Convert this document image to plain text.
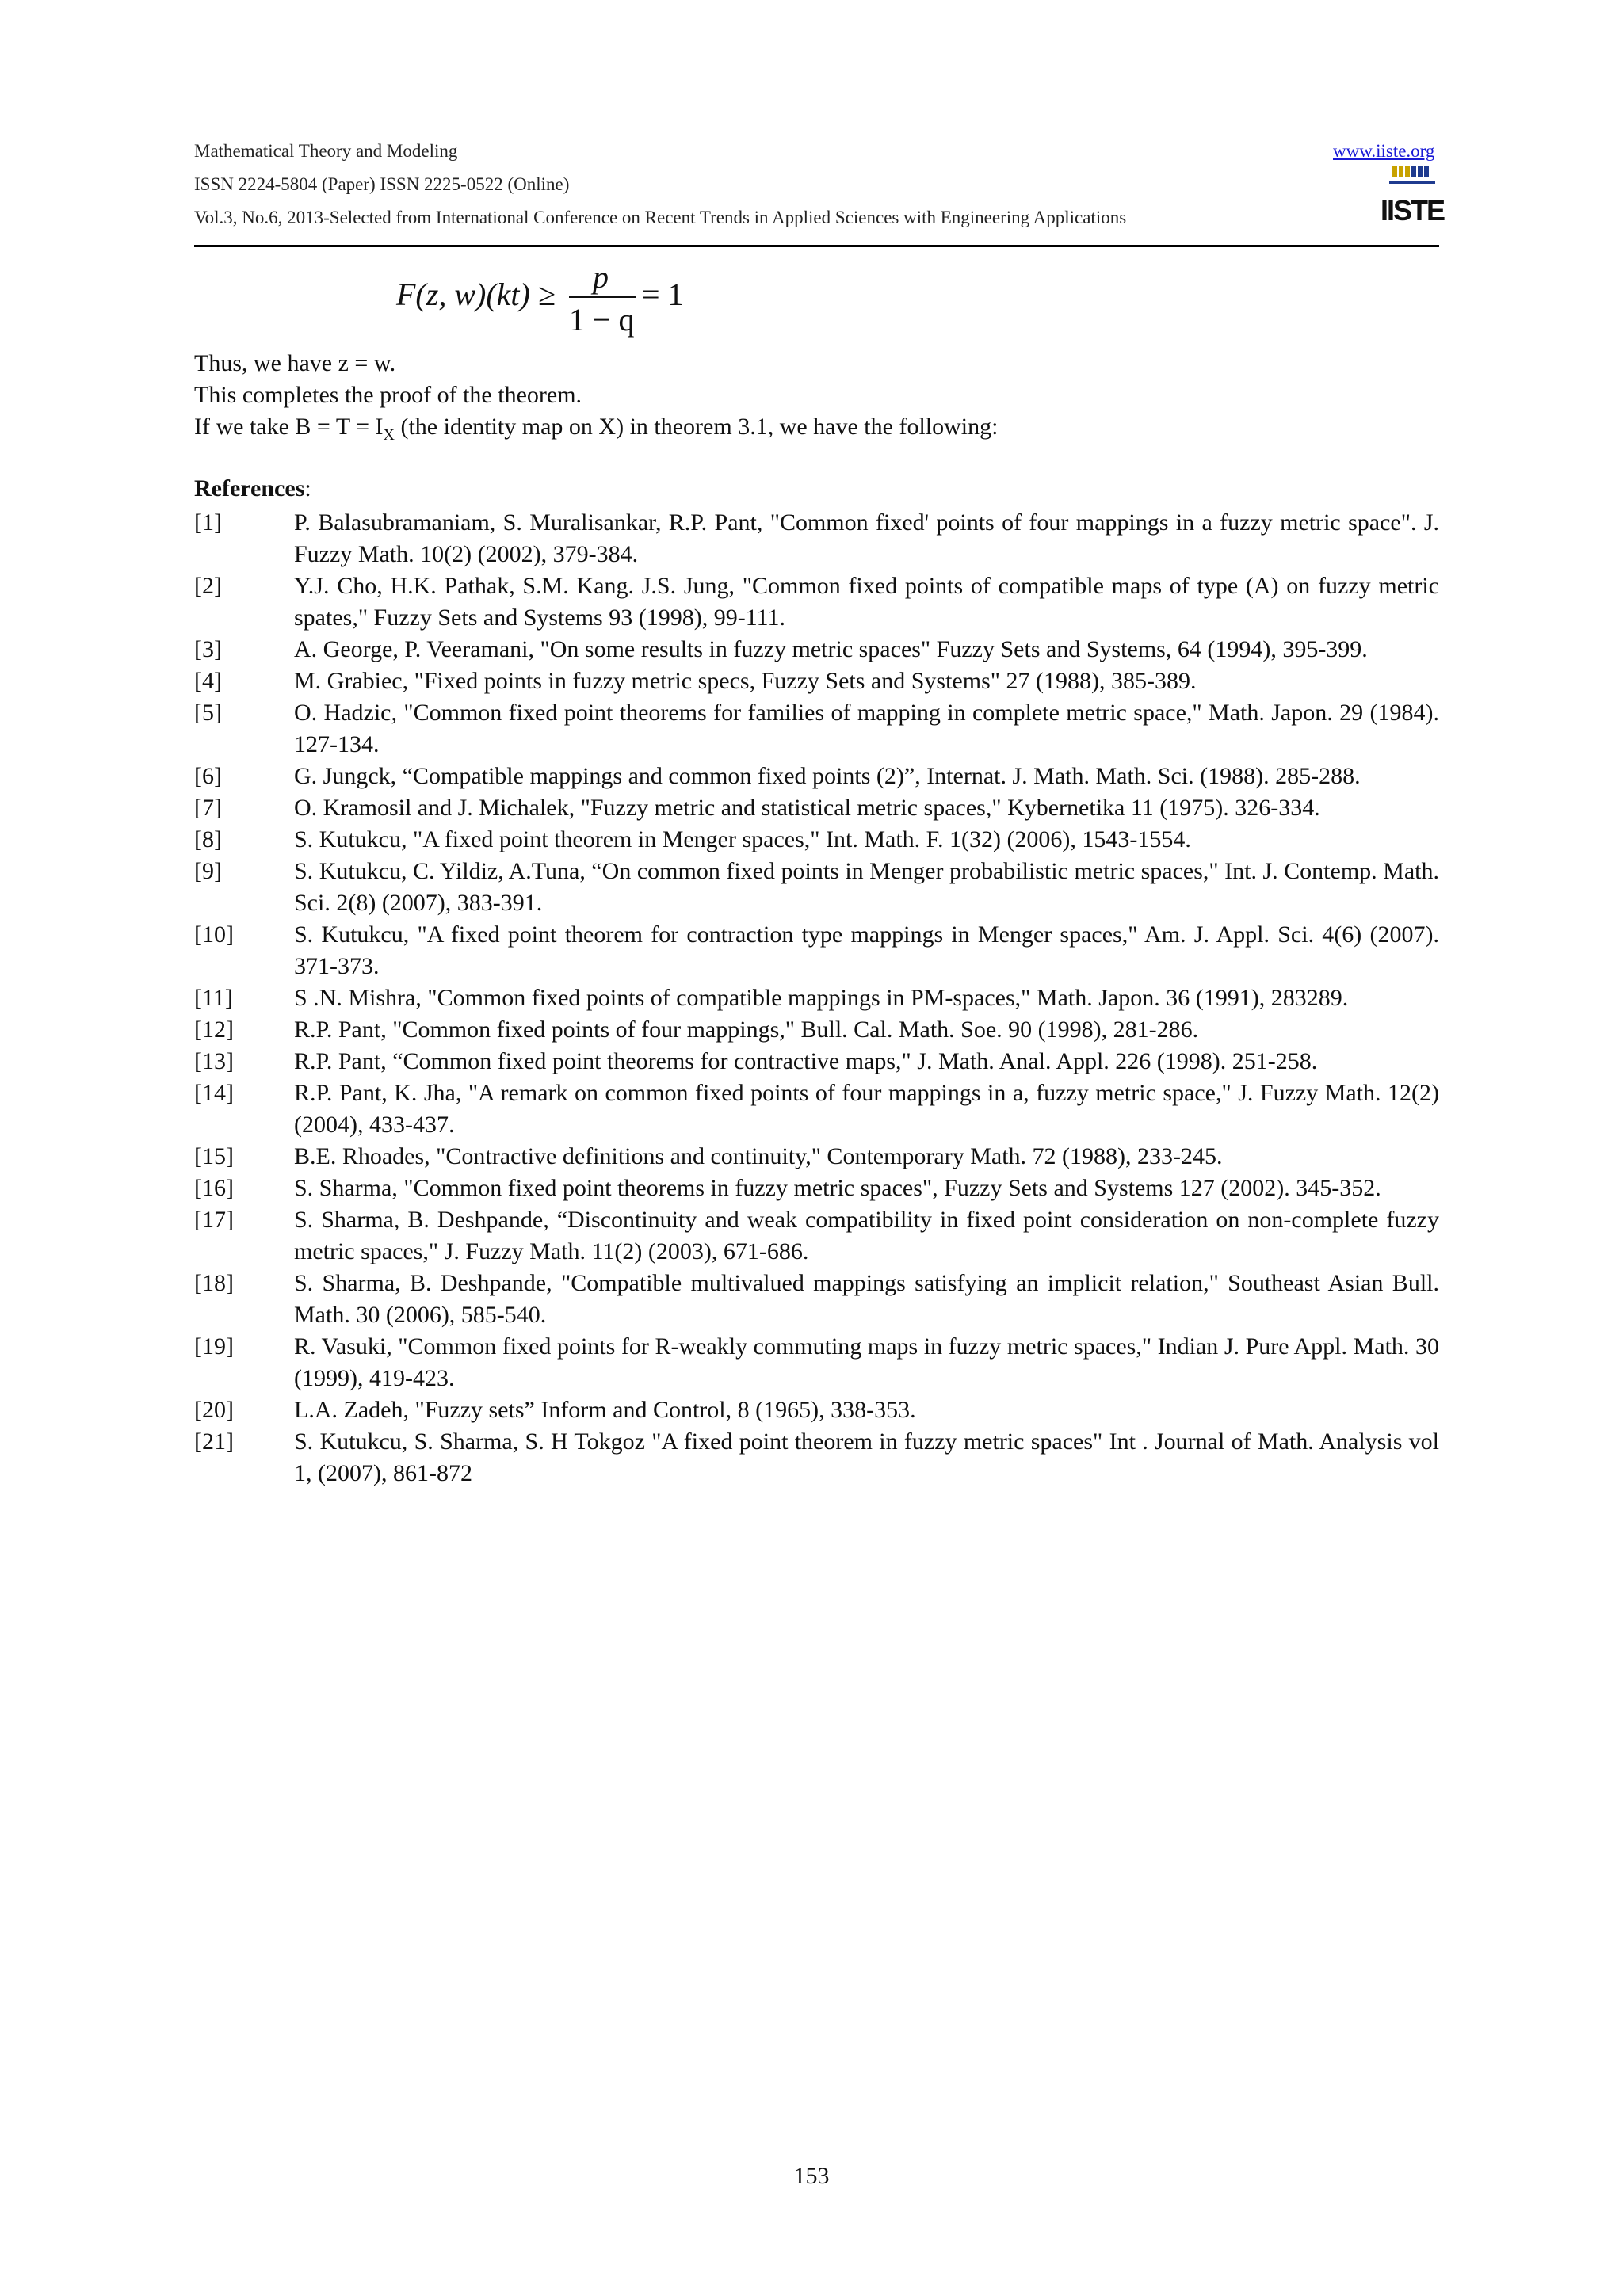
Mathematical Theory and Modeling	www.iiste.org
ISSN 2224-5804 (Paper) ISSN 2225-0522 (Online)
Vol.3, No.6, 2013-Selected from International Conference on Recent Trends in Applied Sciences with Engineering Applications	IISTE
F(z, w)(kt) ≥ p
1 − q
= 1
Thus, we have z = w.
This completes the proof of the theorem.
If we take $B = T = I_X$ (the identity map on X) in theorem 3.1, we have the following:
References:
[1]	P. Balasubramaniam, S. Muralisankar, R.P. Pant, "Common fixed' points of four mappings in a fuzzy metric space". J. Fuzzy Math. 10(2) (2002), 379-384.
[2]	Y.J. Cho, H.K. Pathak, S.M. Kang. J.S. Jung, "Common fixed points of compatible maps of type (A) on fuzzy metric spates," Fuzzy Sets and Systems 93 (1998), 99-111.
[3]	A. George, P. Veeramani, "On some results in fuzzy metric spaces" Fuzzy Sets and Systems, 64 (1994), 395-399.
[4]	M. Grabiec, "Fixed points in fuzzy metric specs, Fuzzy Sets and Systems" 27 (1988), 385-389.
[5]	O. Hadzic, "Common fixed point theorems for families of mapping in complete metric space," Math. Japon. 29 (1984). 127-134.
[6]	G. Jungck, “Compatible mappings and common fixed points (2)”, Internat. J. Math. Math. Sci. (1988). 285-288.
[7]	O. Kramosil and J. Michalek, "Fuzzy metric and statistical metric spaces," Kybernetika 11 (1975). 326-334.
[8]	S. Kutukcu, "A fixed point theorem in Menger spaces," Int. Math. F. 1(32) (2006), 1543-1554.
[9]	S. Kutukcu, C. Yildiz, A.Tuna, “On common fixed points in Menger probabilistic metric spaces," Int. J. Contemp. Math. Sci. 2(8) (2007), 383-391.
[10]	S. Kutukcu, "A fixed point theorem for contraction type mappings in Menger spaces," Am. J. Appl. Sci. 4(6) (2007). 371-373.
[11]	S .N. Mishra, "Common fixed points of compatible mappings in PM-spaces," Math. Japon. 36 (1991), 283289.
[12]	R.P. Pant, "Common fixed points of four mappings," Bull. Cal. Math. Soe. 90 (1998), 281-286.
[13]	R.P. Pant, “Common fixed point theorems for contractive maps," J. Math. Anal. Appl. 226 (1998). 251-258.
[14]	R.P. Pant, K. Jha, "A remark on common fixed points of four mappings in a, fuzzy metric space," J. Fuzzy Math. 12(2) (2004), 433-437.
[15]	B.E. Rhoades, "Contractive definitions and continuity," Contemporary Math. 72 (1988), 233-245.
[16]	S. Sharma, "Common fixed point theorems in fuzzy metric spaces", Fuzzy Sets and Systems 127 (2002). 345-352.
[17]	S. Sharma, B. Deshpande, “Discontinuity and weak compatibility in fixed point consideration on non-complete fuzzy metric spaces," J. Fuzzy Math. 11(2) (2003), 671-686.
[18]	S. Sharma, B. Deshpande, "Compatible multivalued mappings satisfying an implicit relation," Southeast Asian Bull. Math. 30 (2006), 585-540.
[19]	R. Vasuki, "Common fixed points for R-weakly commuting maps in fuzzy metric spaces," Indian J. Pure Appl. Math. 30 (1999), 419-423.
[20]	L.A. Zadeh, "Fuzzy sets” Inform and Control, 8 (1965), 338-353.
[21]	S. Kutukcu, S. Sharma, S. H Tokgoz "A fixed point theorem in fuzzy metric spaces" Int . Journal of Math. Analysis vol 1, (2007), 861-872
153
